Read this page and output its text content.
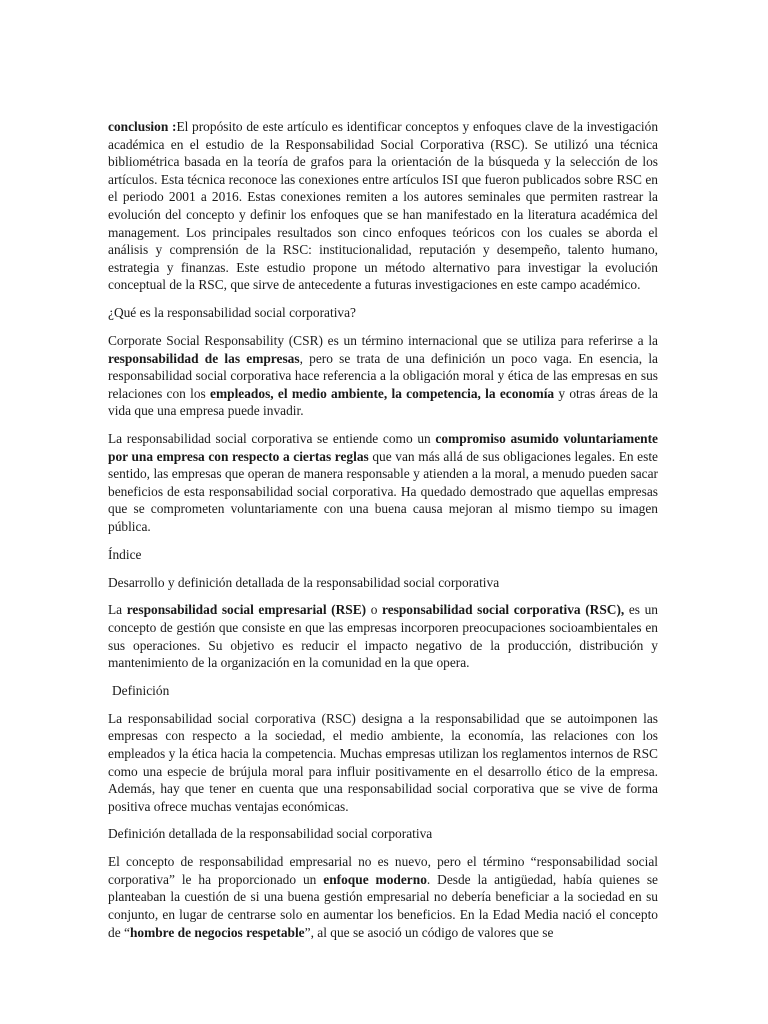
conclusion :El propósito de este artículo es identificar conceptos y enfoques clave de la investigación académica en el estudio de la Responsabilidad Social Corporativa (RSC). Se utilizó una técnica bibliométrica basada en la teoría de grafos para la orientación de la búsqueda y la selección de los artículos. Esta técnica reconoce las conexiones entre artículos ISI que fueron publicados sobre RSC en el periodo 2001 a 2016. Estas conexiones remiten a los autores seminales que permiten rastrear la evolución del concepto y definir los enfoques que se han manifestado en la literatura académica del management. Los principales resultados son cinco enfoques teóricos con los cuales se aborda el análisis y comprensión de la RSC: institucionalidad, reputación y desempeño, talento humano, estrategia y finanzas. Este estudio propone un método alternativo para investigar la evolución conceptual de la RSC, que sirve de antecedente a futuras investigaciones en este campo académico.

¿Qué es la responsabilidad social corporativa?

Corporate Social Responsability (CSR) es un término internacional que se utiliza para referirse a la responsabilidad de las empresas, pero se trata de una definición un poco vaga. En esencia, la responsabilidad social corporativa hace referencia a la obligación moral y ética de las empresas en sus relaciones con los empleados, el medio ambiente, la competencia, la economía y otras áreas de la vida que una empresa puede invadir.

La responsabilidad social corporativa se entiende como un compromiso asumido voluntariamente por una empresa con respecto a ciertas reglas que van más allá de sus obligaciones legales. En este sentido, las empresas que operan de manera responsable y atienden a la moral, a menudo pueden sacar beneficios de esta responsabilidad social corporativa. Ha quedado demostrado que aquellas empresas que se comprometen voluntariamente con una buena causa mejoran al mismo tiempo su imagen pública.

Índice

Desarrollo y definición detallada de la responsabilidad social corporativa

La responsabilidad social empresarial (RSE) o responsabilidad social corporativa (RSC), es un concepto de gestión que consiste en que las empresas incorporen preocupaciones socioambientales en sus operaciones. Su objetivo es reducir el impacto negativo de la producción, distribución y mantenimiento de la organización en la comunidad en la que opera.

Definición

La responsabilidad social corporativa (RSC) designa a la responsabilidad que se autoimponen las empresas con respecto a la sociedad, el medio ambiente, la economía, las relaciones con los empleados y la ética hacia la competencia. Muchas empresas utilizan los reglamentos internos de RSC como una especie de brújula moral para influir positivamente en el desarrollo ético de la empresa. Además, hay que tener en cuenta que una responsabilidad social corporativa que se vive de forma positiva ofrece muchas ventajas económicas.

Definición detallada de la responsabilidad social corporativa

El concepto de responsabilidad empresarial no es nuevo, pero el término “responsabilidad social corporativa” le ha proporcionado un enfoque moderno. Desde la antigüedad, había quienes se planteaban la cuestión de si una buena gestión empresarial no debería beneficiar a la sociedad en su conjunto, en lugar de centrarse solo en aumentar los beneficios. En la Edad Media nació el concepto de “hombre de negocios respetable”, al que se asoció un código de valores que se
